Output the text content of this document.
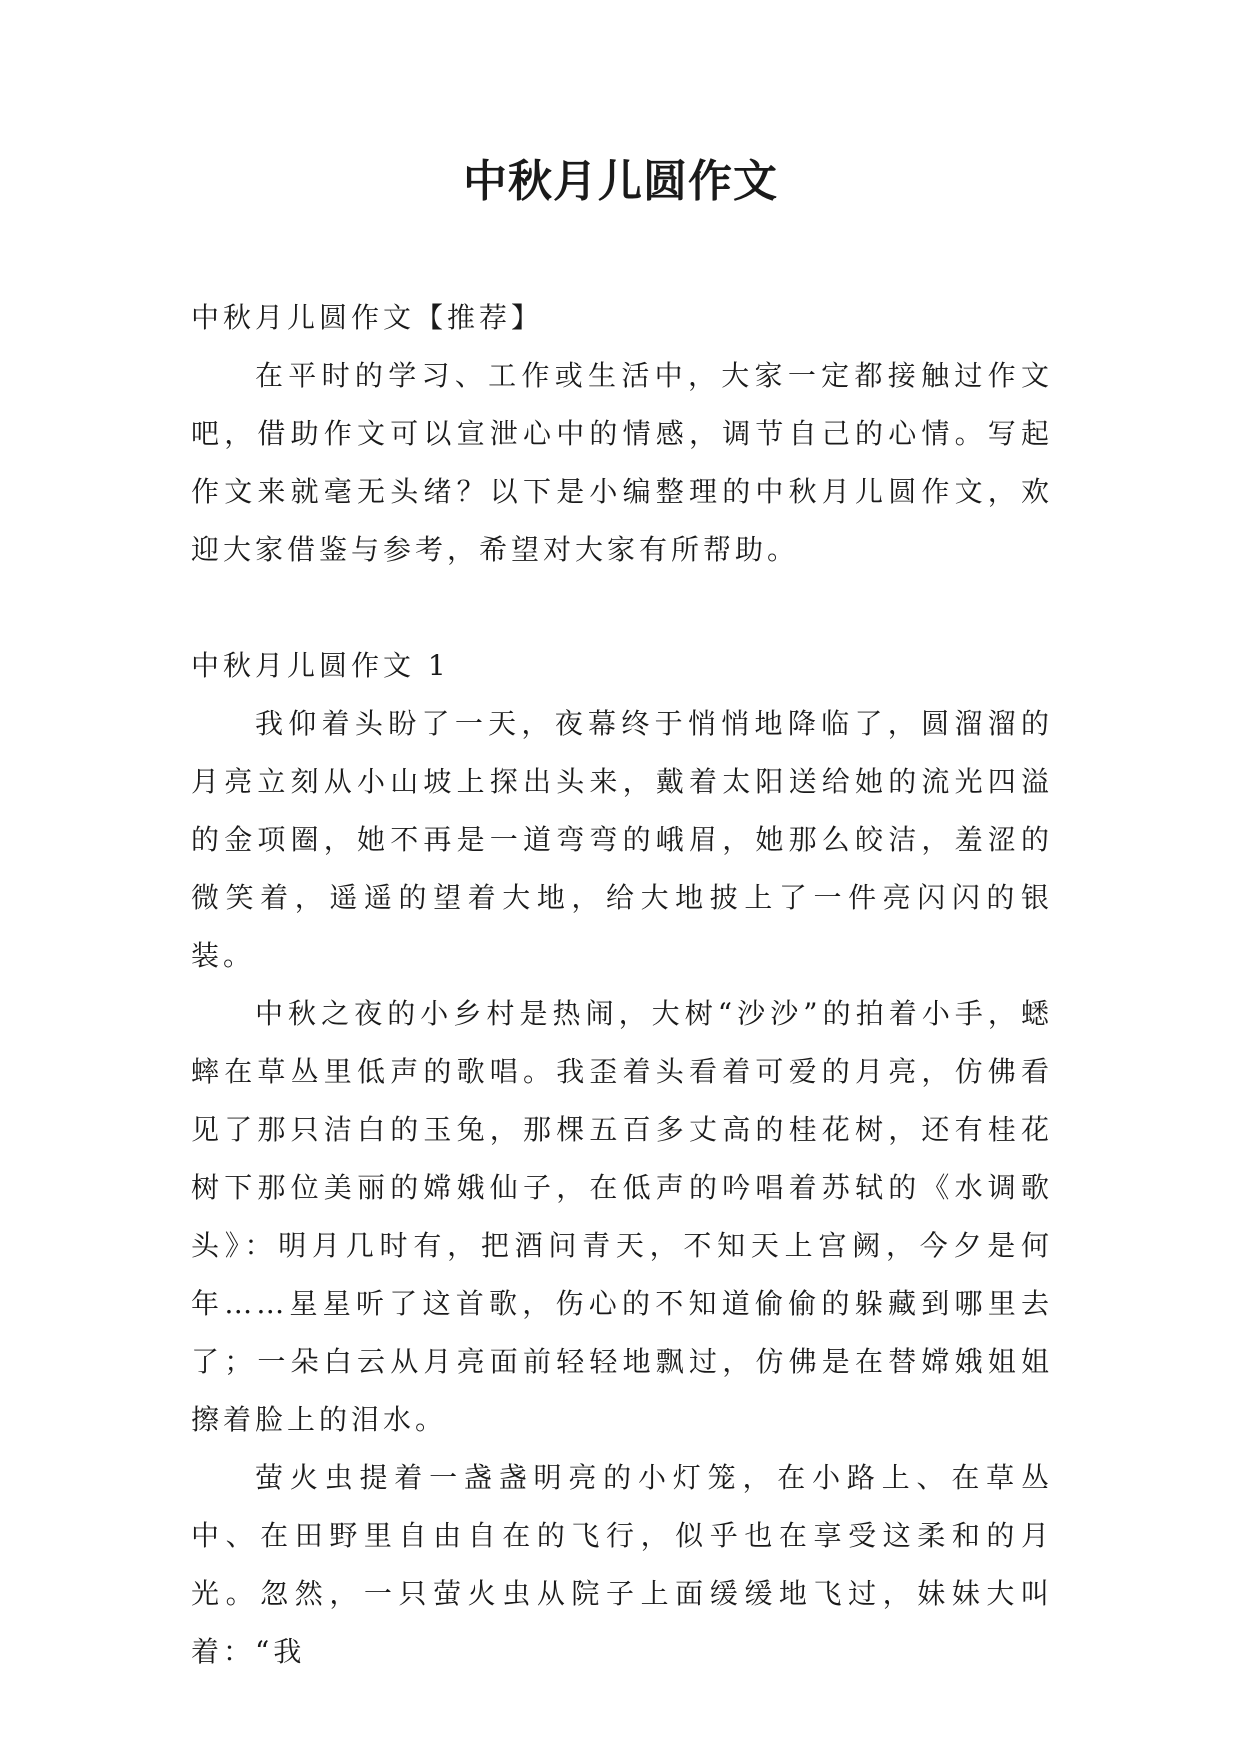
中秋月儿圆作文

中秋月儿圆作文【推荐】

在平时的学习、工作或生活中，大家一定都接触过作文吧，借助作文可以宣泄心中的情感，调节自己的心情。写起作文来就毫无头绪？以下是小编整理的中秋月儿圆作文，欢迎大家借鉴与参考，希望对大家有所帮助。

中秋月儿圆作文 1

我仰着头盼了一天，夜幕终于悄悄地降临了，圆溜溜的月亮立刻从小山坡上探出头来，戴着太阳送给她的流光四溢的金项圈，她不再是一道弯弯的峨眉，她那么皎洁，羞涩的微笑着，遥遥的望着大地，给大地披上了一件亮闪闪的银装。

中秋之夜的小乡村是热闹，大树“沙沙”的拍着小手，蟋蟀在草丛里低声的歌唱。我歪着头看着可爱的月亮，仿佛看见了那只洁白的玉兔，那棵五百多丈高的桂花树，还有桂花树下那位美丽的嫦娥仙子，在低声的吟唱着苏轼的《水调歌头》：明月几时有，把酒问青天，不知天上宫阙，今夕是何年……星星听了这首歌，伤心的不知道偷偷的躲藏到哪里去了；一朵白云从月亮面前轻轻地飘过，仿佛是在替嫦娥姐姐擦着脸上的泪水。

萤火虫提着一盏盏明亮的小灯笼，在小路上、在草丛中、在田野里自由自在的飞行，似乎也在享受这柔和的月光。忽然，一只萤火虫从院子上面缓缓地飞过，妹妹大叫着：“我
